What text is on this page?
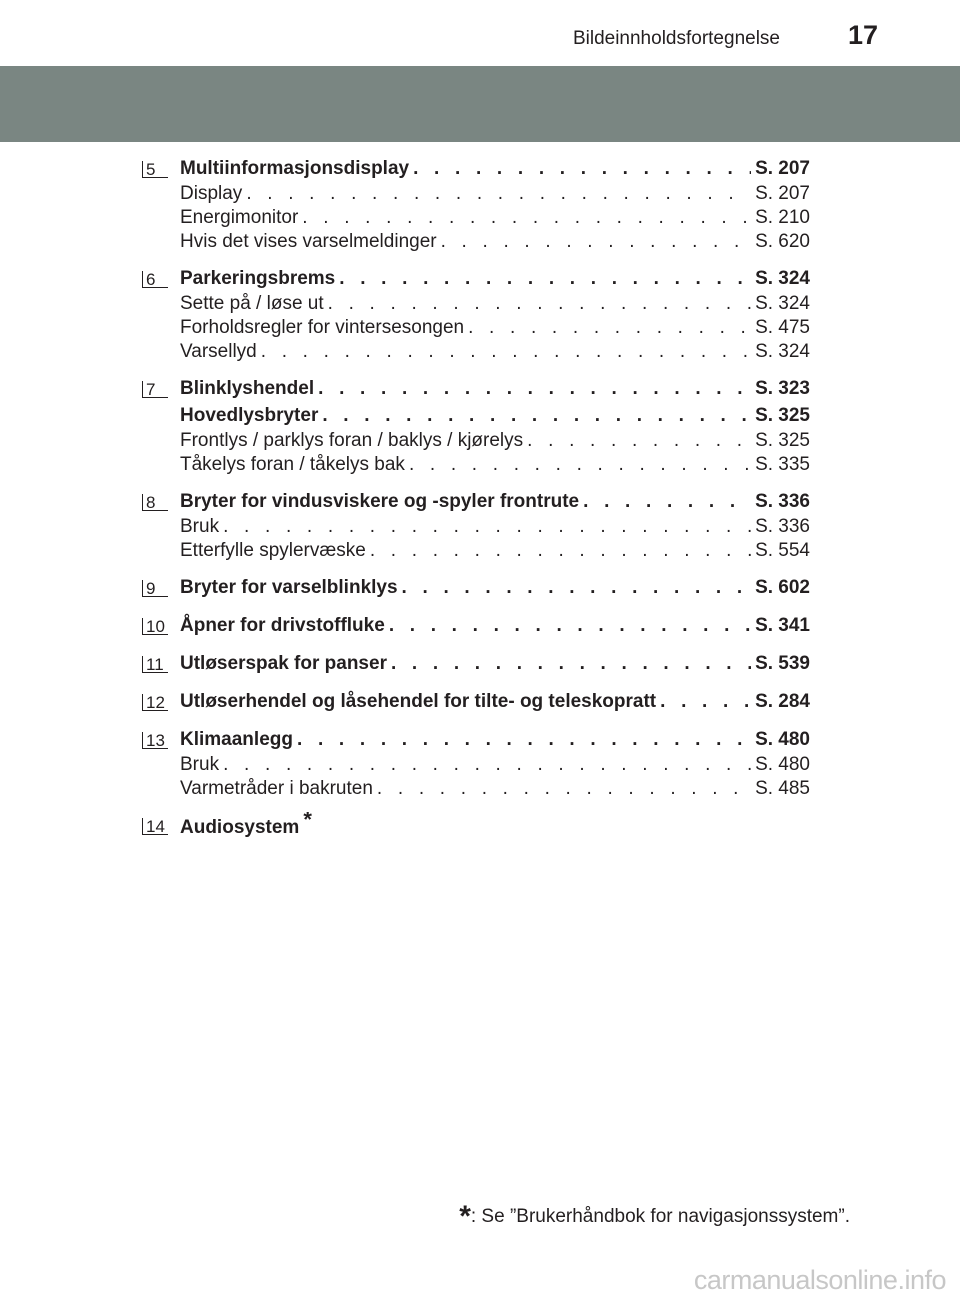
Bildeinnholdsfortegnelse	17
5	Multiinformasjonsdisplay . . .	S. 207
Display . . .	S. 207
Energimonitor . . .	S. 210
Hvis det vises varselmeldinger . . .	S. 620
6	Parkeringsbrems . . .	S. 324
Sette på / løse ut . . .	S. 324
Forholdsregler for vintersesongen . . .	S. 475
Varsellyd . . .	S. 324
7	Blinklyshendel . . .	S. 323
Hovedlysbryter . . .	S. 325
Frontlys / parklys foran / baklys / kjørelys . . .	S. 325
Tåkelys foran / tåkelys bak . . .	S. 335
8	Bryter for vindusviskere og -spyler frontrute . . .	S. 336
Bruk . . .	S. 336
Etterfylle spylervæske . . .	S. 554
9	Bryter for varselblinklys . . .	S. 602
10 Åpner for drivstoffluke . . .	S. 341
11 Utløserspak for panser . . .	S. 539
12 Utløserhendel og låsehendel for tilte- og teleskopratt . . .	S. 284
13 Klimaanlegg . . .	S. 480
Bruk . . .	S. 480
Varmetråder i bakruten . . .	S. 485
14 Audiosystem *
*: Se ”Brukerhåndbok for navigasjonssystem”.
carmanualsonline.info
